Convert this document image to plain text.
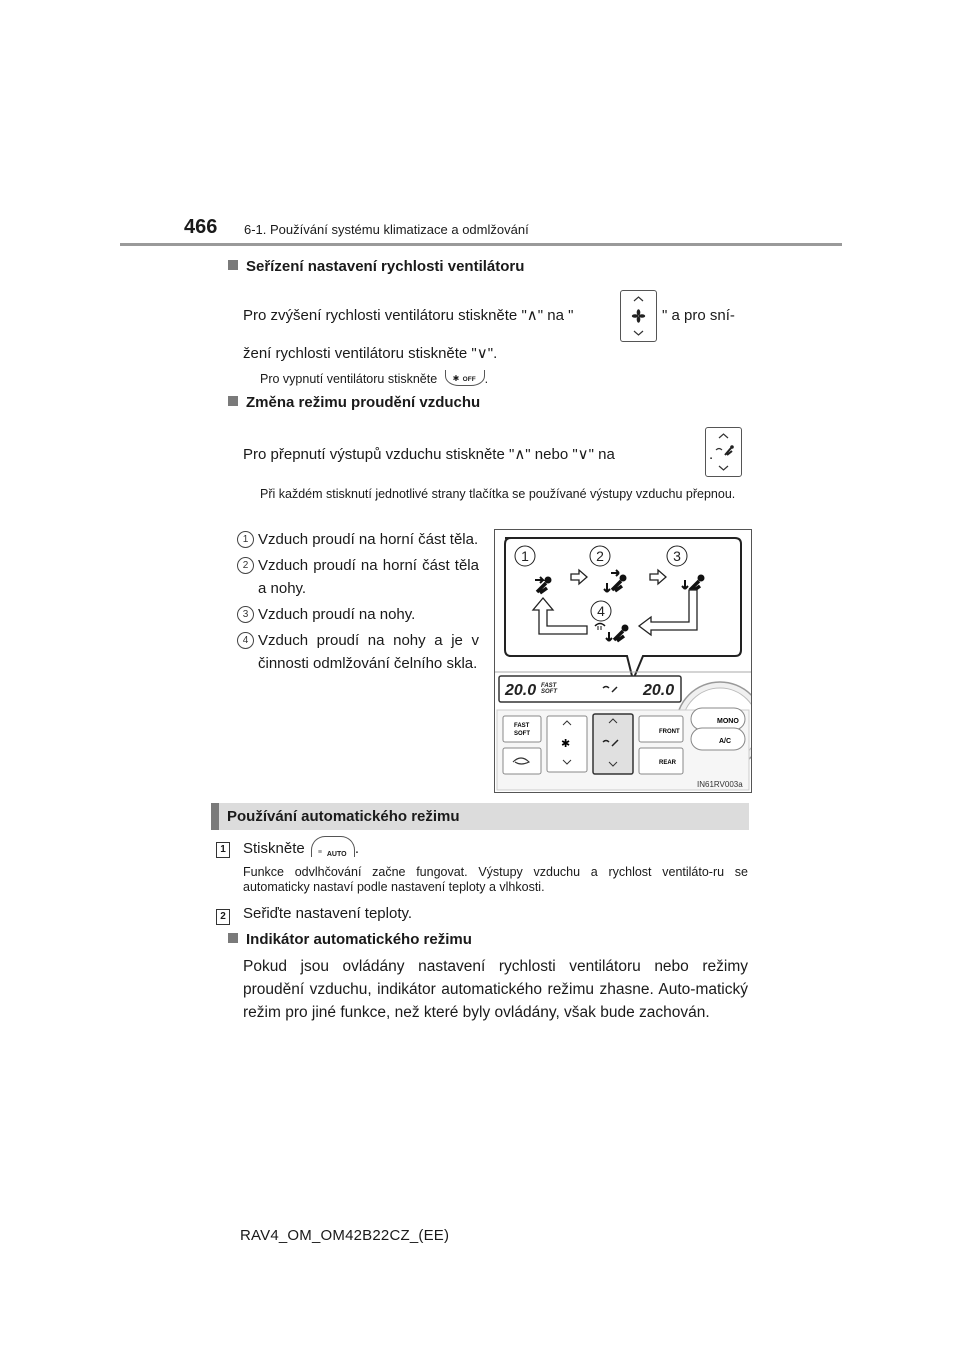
466 6-1. Používání systému klimatizace a odmlžování
Seřízení nastavení rychlosti ventilátoru
Pro zvýšení rychlosti ventilátoru stiskněte "∧" na "	" a pro sní-

žení rychlosti ventilátoru stiskněte "∨".
Pro vypnutí ventilátoru stiskněte ✱ OFF .
Změna režimu proudění vzduchu
Pro přepnutí výstupů vzduchu stiskněte "∧" nebo "∨" na	.
Při každém stisknutí jednotlivé strany tlačítka se používané výstupy vzduchu přepnou.
1 Vzduch proudí na horní část těla.
2 Vzduch proudí na horní část těla a nohy.
3 Vzduch proudí na nohy.
4 Vzduch proudí na nohy a je v činnosti odmlžování čelního skla.
1	2	3
4
20.0	20.0
FAST
SOFT
FAST
SOFT
✱
FRONT
REAR
MONO
A/C
IN61RV003a
Používání automatického režimu
1 Stiskněte ≡ AUTO .
Funkce odvlhčování začne fungovat. Výstupy vzduchu a rychlost ventiláto-ru se automaticky nastaví podle nastavení teploty a vlhkosti.
2 Seřiďte nastavení teploty.
Indikátor automatického režimu
Pokud jsou ovládány nastavení rychlosti ventilátoru nebo režimy proudění vzduchu, indikátor automatického režimu zhasne. Auto-matický režim pro jiné funkce, než které byly ovládány, však bude zachován.
RAV4_OM_OM42B22CZ_(EE)
